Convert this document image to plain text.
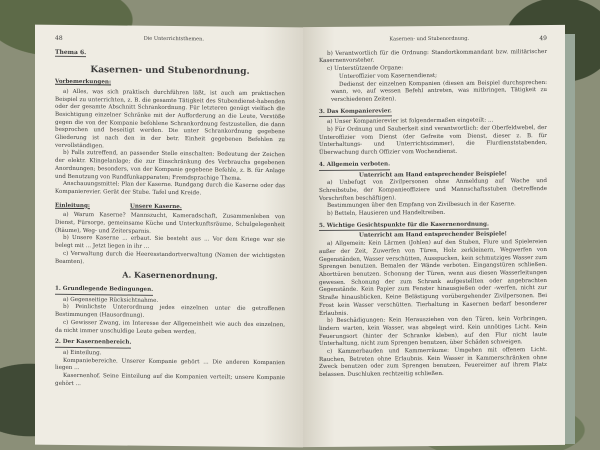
48	Die Unterrichtsthemen.
Thema 6.
Kasernen- und Stubenordnung.
Vorbemerkungen:

a) Alles, was sich praktisch durchführen läßt, ist auch am praktischen Beispiel zu unterrichten, z. B. die gesamte Tätigkeit des Stubendienst-habenden oder der gesamte Abschnitt Schrankordnung. Für letzteren genügt vielfach die Besichtigung einzelner Schränke mit der Aufforderung an die Leute, Verstöße gegen die von der Kompanie befohlene Schrankordnung festzustellen, die dann besprochen und beseitigt werden. Die unter Schrankordnung gegebene Gliederung ist nach den in der betr. Einheit gegebenen Befehlen zu vervollständigen.

b) Falls zutreffend, an passender Stelle einschalten: Bedeutung der Zeichen der elektr. Klingelanlage; die zur Einschränkung des Verbrauchs gegebenen Anordnungen; besonders, von der Kompanie gegebene Befehle, z. B. für Anlage und Benutzung von Rundfunkapparaten; Fremdsprachige Thema.

Anschauungsmittel: Plan der Kaserne. Rundgang durch die Kaserne oder das Kompanierevier. Gerät der Stube. Tafel und Kreide.

Einleitung:	Unsere Kaserne.

a) Warum Kaserne? Mannszucht, Kameradschaft, Zusammenleben von Dienst, Fürsorge, gemeinsame Küche und Unterkunftsräume, Schulgelegenheit (Räume), Weg- und Zeitersparnis.

b) Unsere Kaserne ... erbaut. Sie besteht aus ... Vor dem Kriege war sie belegt mit ... Jetzt liegen in ihr ...

c) Verwaltung durch die Heeresstandortverwaltung (Namen der wichtigsten Beamten).

A. Kasernenordnung.
1. Grundlegende Bedingungen.

a) Gegenseitige Rücksichtnahme.

b) Peinlichste Unterordnung jedes einzelnen unter die getroffenen Bestimmungen (Hausordnung).

c) Gewisser Zwang, im Interesse der Allgemeinheit wie auch des einzelnen, da nicht immer unschuldige Leute geben werden.

2. Der Kasernenbereich.

a) Einteilung.

Kompaniebereiche. Unserer Kompanie gehört ... Die anderen Kompanien liegen ...

Kasernenhof. Seine Einteilung auf die Kompanien verteilt; unsere Kompanie gehört ...

Kasernen- und Stubenordnung.	49

b) Verantwortlich für die Ordnung: Standortkommandant bzw. militärischer Kasernenvorsteher.

c) Unterstützende Organe:

Unteroffizier vom Kasernendienst;

Dedienst der einzelnen Kompanien (diesen am Beispiel durchsprechen: wann, wo, auf wessen Befehl antreten, was mitbringen, Tätigkeit zu verschiedenen Zeiten).

3. Das Kompanierevier.

a) Unser Kompanierevier ist folgendermaßen eingeteilt: ...

b) Für Ordnung und Sauberkeit sind verantwortlich: der Oberfeldwebel, der Unteroffizier vom Dienst (der Gefreite vom Dienst, dieser z. B. für Unterhaltungs- und Unterrichtszimmer), die Flurdienststabenden, Überwachung durch Offizier vom Wochendienst.

4. Allgemein verboten.
Unterricht am Hand entsprechender Beispiele!

a) Unbefugt von Zivilpersonen ohne Anmeldung auf Wache und Schreibstube, der Kompanieoffiziere und Mannschaftsstuben (betreffende Vorschriften beschäftigen).

Bestimmungen über den Empfang von Zivilbesuch in der Kaserne.

b) Betteln, Hausieren und Handeltreiben.

5. Wichtige Gesichtspunkte für die Kasernenordnung.
Unterricht am Hand entsprechender Beispiele!

a) Allgemein: Kein Lärmen (Johlen) auf den Stuben, Flure und Spielereien außer der Zeit, Zuwerfen von Türen, Holz zerkleinern, Wegwerfen von Gegenständen, Wasser verschütten, Ausspucken, kein schmutziges Wasser zum Sprengen benutzen. Bemalen der Wände verboten. Eingangstüren schließen. Aborttüren benutzen. Schonung der Türen, wenn aus diesen Wasserleitungen gewesen. Schonung der zum Schrank aufgestellten oder angebrachten Gegenstände. Kein Papier zum Fenster hinausgießen oder -werfen, nicht zur Straße hinausblicken. Keine Belästigung vorübergehender Zivilpersonen. Bei Frost kein Wasser verschütten. Tierhaltung in Kasernen bedarf besonderer Erlaubnis.

b) Beschädigungen: Kein Herausziehen von den Türen, kein Vorbringen, lindern warten, kein Wasser, was abgelegt wird. Kein unnötiges Licht. Kein Feuerungsort (hinter der Schranke kleben), auf den Flur nicht laute Unterhaltung, nicht zum Sprengen benutzen, über Schäden schweigen.

c) Kammerbauden und Kammerräume: Umgehen mit offenem Licht. Rauchen, Betreten ohne Erlaubnis. Kein Wasser in Kammerschränken ohne Zweck benutzen oder zum Sprengen benutzen, Feuereimer auf ihrem Platz belassen. Duschluken rechtzeitig schließen.
